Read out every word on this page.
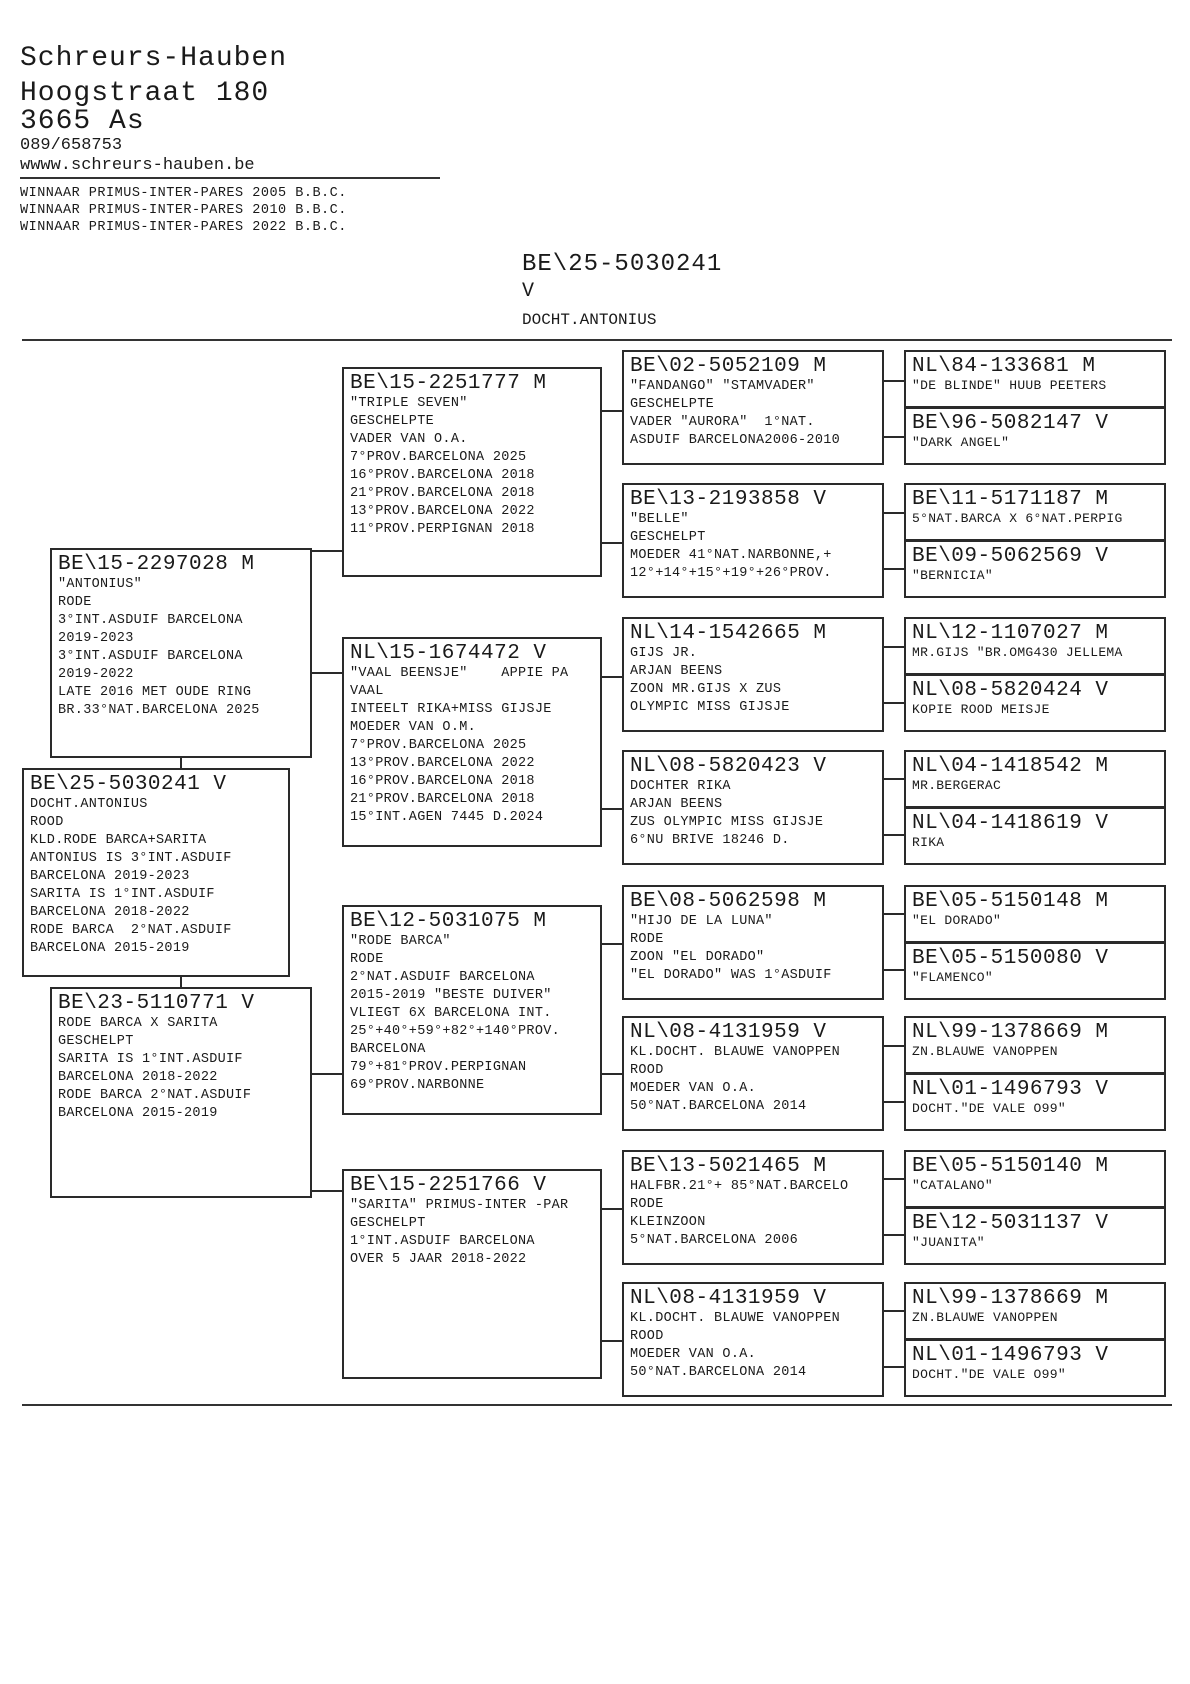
Schreurs-Hauben
Hoogstraat 180
3665 As
089/658753
wwww.schreurs-hauben.be
WINNAAR PRIMUS-INTER-PARES 2005 B.B.C.
WINNAAR PRIMUS-INTER-PARES 2010 B.B.C.
WINNAAR PRIMUS-INTER-PARES 2022 B.B.C.
BE\25-5030241
V
DOCHT.ANTONIUS
BE\15-2297028 M
"ANTONIUS"
RODE
3°INT.ASDUIF BARCELONA
2019-2023
3°INT.ASDUIF BARCELONA
2019-2022
LATE 2016 MET OUDE RING
BR.33°NAT.BARCELONA 2025
BE\25-5030241 V
DOCHT.ANTONIUS
ROOD
KLD.RODE BARCA+SARITA
ANTONIUS IS 3°INT.ASDUIF
BARCELONA 2019-2023
SARITA IS 1°INT.ASDUIF
BARCELONA 2018-2022
RODE BARCA  2°NAT.ASDUIF
BARCELONA 2015-2019
BE\23-5110771 V
RODE BARCA X SARITA
GESCHELPT
SARITA IS 1°INT.ASDUIF
BARCELONA 2018-2022
RODE BARCA 2°NAT.ASDUIF
BARCELONA 2015-2019
BE\15-2251777 M
"TRIPLE SEVEN"
GESCHELPTE
VADER VAN O.A.
7°PROV.BARCELONA 2025
16°PROV.BARCELONA 2018
21°PROV.BARCELONA 2018
13°PROV.BARCELONA 2022
11°PROV.PERPIGNAN 2018
NL\15-1674472 V
"VAAL BEENSJE"    APPIE PA
VAAL
INTEELT RIKA+MISS GIJSJE
MOEDER VAN O.M.
7°PROV.BARCELONA 2025
13°PROV.BARCELONA 2022
16°PROV.BARCELONA 2018
21°PROV.BARCELONA 2018
15°INT.AGEN 7445 D.2024
BE\12-5031075 M
"RODE BARCA"
RODE
2°NAT.ASDUIF BARCELONA
2015-2019 "BESTE DUIVER"
VLIEGT 6X BARCELONA INT.
25°+40°+59°+82°+140°PROV.
BARCELONA
79°+81°PROV.PERPIGNAN
69°PROV.NARBONNE
BE\15-2251766 V
"SARITA" PRIMUS-INTER -PAR
GESCHELPT
1°INT.ASDUIF BARCELONA
OVER 5 JAAR 2018-2022
BE\02-5052109 M
"FANDANGO" "STAMVADER"
GESCHELPTE
VADER "AURORA"  1°NAT.
ASDUIF BARCELONA2006-2010
BE\13-2193858 V
"BELLE"
GESCHELPT
MOEDER 41°NAT.NARBONNE,+
12°+14°+15°+19°+26°PROV.
NL\14-1542665 M
GIJS JR.
ARJAN BEENS
ZOON MR.GIJS X ZUS
OLYMPIC MISS GIJSJE
NL\08-5820423 V
DOCHTER RIKA
ARJAN BEENS
ZUS OLYMPIC MISS GIJSJE
6°NU BRIVE 18246 D.
BE\08-5062598 M
"HIJO DE LA LUNA"
RODE
ZOON "EL DORADO"
"EL DORADO" WAS 1°ASDUIF
NL\08-4131959 V
KL.DOCHT. BLAUWE VANOPPEN
ROOD
MOEDER VAN O.A.
50°NAT.BARCELONA 2014
BE\13-5021465 M
HALFBR.21°+ 85°NAT.BARCELO
RODE
KLEINZOON
5°NAT.BARCELONA 2006
NL\08-4131959 V
KL.DOCHT. BLAUWE VANOPPEN
ROOD
MOEDER VAN O.A.
50°NAT.BARCELONA 2014
NL\84-133681 M
"DE BLINDE" HUUB PEETERS
BE\96-5082147 V
"DARK ANGEL"
BE\11-5171187 M
5°NAT.BARCA X 6°NAT.PERPIG
BE\09-5062569 V
"BERNICIA"
NL\12-1107027 M
MR.GIJS "BR.OMG430 JELLEMA
NL\08-5820424 V
KOPIE ROOD MEISJE
NL\04-1418542 M
MR.BERGERAC
NL\04-1418619 V
RIKA
BE\05-5150148 M
"EL DORADO"
BE\05-5150080 V
"FLAMENCO"
NL\99-1378669 M
ZN.BLAUWE VANOPPEN
NL\01-1496793 V
DOCHT."DE VALE O99"
BE\05-5150140 M
"CATALANO"
BE\12-5031137 V
"JUANITA"
NL\99-1378669 M
ZN.BLAUWE VANOPPEN
NL\01-1496793 V
DOCHT."DE VALE O99"
